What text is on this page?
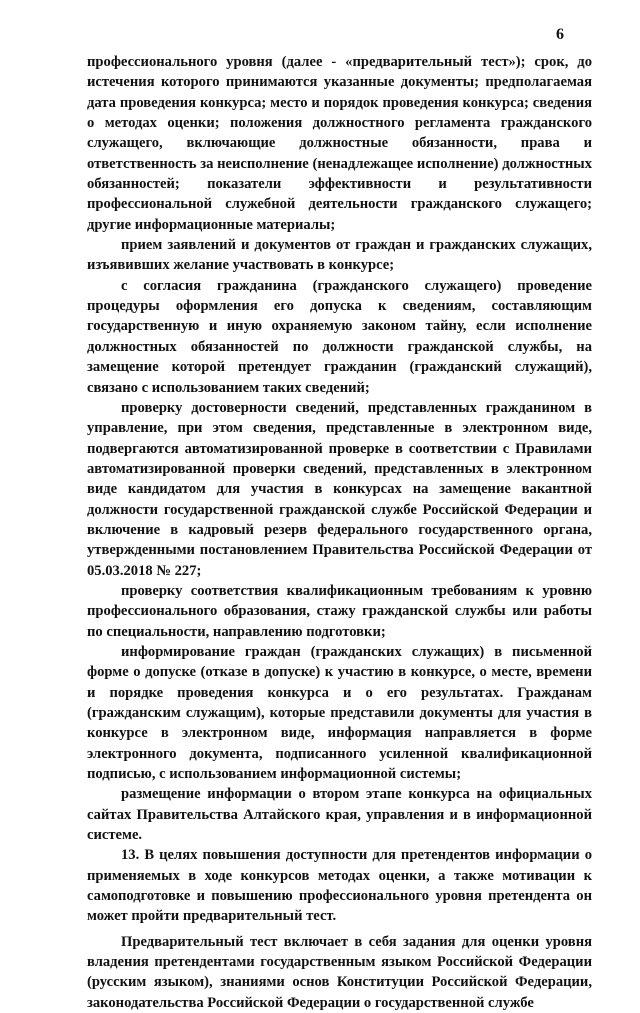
6

профессионального уровня (далее - «предварительный тест»); срок, до истечения которого принимаются указанные документы; предполагаемая дата проведения конкурса; место и порядок проведения конкурса; сведения о методах оценки; положения должностного регламента гражданского служащего, включающие должностные обязанности, права и ответственность за неисполнение (ненадлежащее исполнение) должностных обязанностей; показатели эффективности и результативности профессиональной служебной деятельности гражданского служащего; другие информационные материалы;

прием заявлений и документов от граждан и гражданских служащих, изъявивших желание участвовать в конкурсе;

с согласия гражданина (гражданского служащего) проведение процедуры оформления его допуска к сведениям, составляющим государственную и иную охраняемую законом тайну, если исполнение должностных обязанностей по должности гражданской службы, на замещение которой претендует гражданин (гражданский служащий), связано с использованием таких сведений;

проверку достоверности сведений, представленных гражданином в управление, при этом сведения, представленные в электронном виде, подвергаются автоматизированной проверке в соответствии с Правилами автоматизированной проверки сведений, представленных в электронном виде кандидатом для участия в конкурсах на замещение вакантной должности государственной гражданской службе Российской Федерации и включение в кадровый резерв федерального государственного органа, утвержденными постановлением Правительства Российской Федерации от 05.03.2018 № 227;

проверку соответствия квалификационным требованиям к уровню профессионального образования, стажу гражданской службы или работы по специальности, направлению подготовки;

информирование граждан (гражданских служащих) в письменной форме о допуске (отказе в допуске) к участию в конкурсе, о месте, времени и порядке проведения конкурса и о его результатах. Гражданам (гражданским служащим), которые представили документы для участия в конкурсе в электронном виде, информация направляется в форме электронного документа, подписанного усиленной квалификационной подписью, с использованием информационной системы;

размещение информации о втором этапе конкурса на официальных сайтах Правительства Алтайского края, управления и в информационной системе.

13. В целях повышения доступности для претендентов информации о применяемых в ходе конкурсов методах оценки, а также мотивации к самоподготовке и повышению профессионального уровня претендента он может пройти предварительный тест.

Предварительный тест включает в себя задания для оценки уровня владения претендентами государственным языком Российской Федерации (русским языком), знаниями основ Конституции Российской Федерации, законодательства Российской Федерации о государственной службе
